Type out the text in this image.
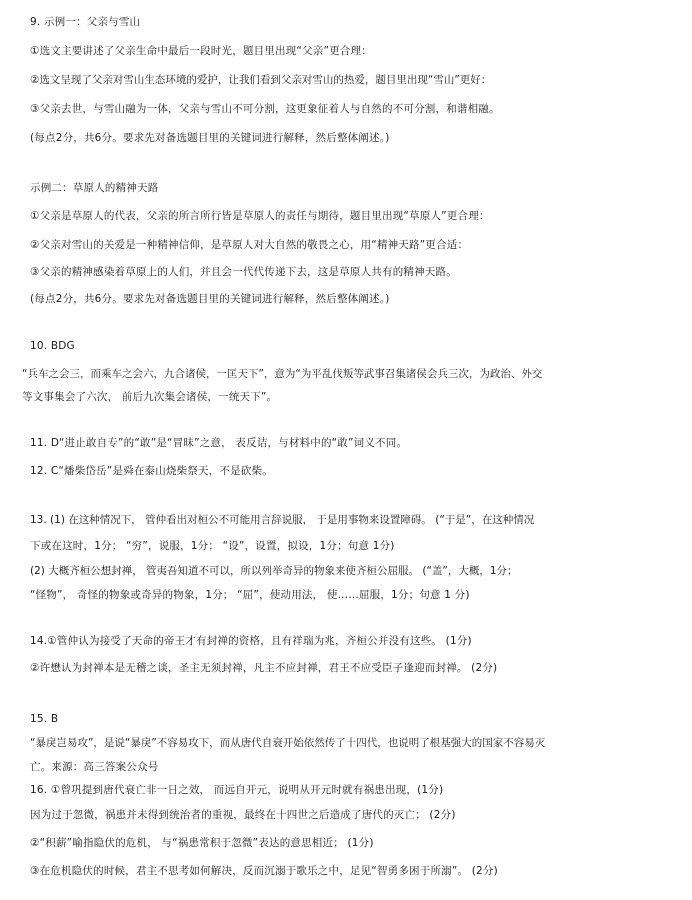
9. 示例一：父亲与雪山
①选文主要讲述了父亲生命中最后一段时光，题目里出现“父亲”更合理：
②选文呈现了父亲对雪山生态环境的爱护，让我们看到父亲对雪山的热爱，题目里出现“雪山”更好：
③父亲去世，与雪山融为一体，父亲与雪山不可分割，这更象征着人与自然的不可分割，和谐相融。
(每点2分，共6分。要求先对备选题目里的关键词进行解释，然后整体阐述。)
示例二：草原人的精神天路
①父亲是草原人的代表，父亲的所言所行皆是草原人的责任与期待，题目里出现“草原人”更合理：
②父亲对雪山的关爱是一种精神信仰，是草原人对大自然的敬畏之心，用“精神天路”更合适：
③父亲的精神感染着草原上的人们，并且会一代代传递下去，这是草原人共有的精神天路。
(每点2分，共6分。要求先对备选题目里的关键词进行解释，然后整体阐述。)
10. BDG
“兵车之会三，而乘车之会六，九合诸侯，一匡天下”，意为“为平乱伐叛等武事召集诸侯会兵三次，为政治、外交
等文事集会了六次， 前后九次集会诸侯，一统天下”。
11. D“进止敢自专”的“敢”是“冒昧”之意， 表反诘，与材料中的“敢”词义不同。
12. C“燔柴岱岳”是舜在泰山烧柴祭天，不是砍柴。
13. (1) 在这种情况下， 管仲看出对桓公不可能用言辞说服， 于是用事物来设置障碍。 (“于是”，在这种情况
下或在这时，1分； “穷”，说服，1分； “设”，设置，拟设，1分；句意 1分)
(2) 大概齐桓公想封禅， 管夷吾知道不可以，所以列举奇异的物象来使齐桓公屈服。 (“盖”，大概，1分；
“怪物”， 奇怪的物象或奇异的物象，1分； “屈”，使动用法， 使……屈服，1分；句意 1 分)
14.①管仲认为接受了天命的帝王才有封禅的资格，且有祥瑞为兆，齐桓公并没有这些。 (1分)
②许懋认为封禅本是无稽之谈，圣主无须封禅，凡主不应封禅，君王不应受臣子逢迎而封禅。 (2分)
15. B
“暴戾岂易攻”，是说“暴戾”不容易攻下，而从唐代自衰开始依然传了十四代，也说明了根基强大的国家不容易灭
亡。来源：高三答案公众号
16. ①曾巩提到唐代衰亡非一日之效， 而远自开元，说明从开元时就有祸患出现，(1分)
因为过于忽微，祸患并未得到统治者的重视，最终在十四世之后造成了唐代的灭亡； (2分)
②“积薪”喻指隐伏的危机， 与“祸患常积于忽微”表达的意思相近； (1分)
③在危机隐伏的时候，君主不思考如何解决，反而沉溺于歌乐之中，足见“智勇多困于所溺”。 (2分)
